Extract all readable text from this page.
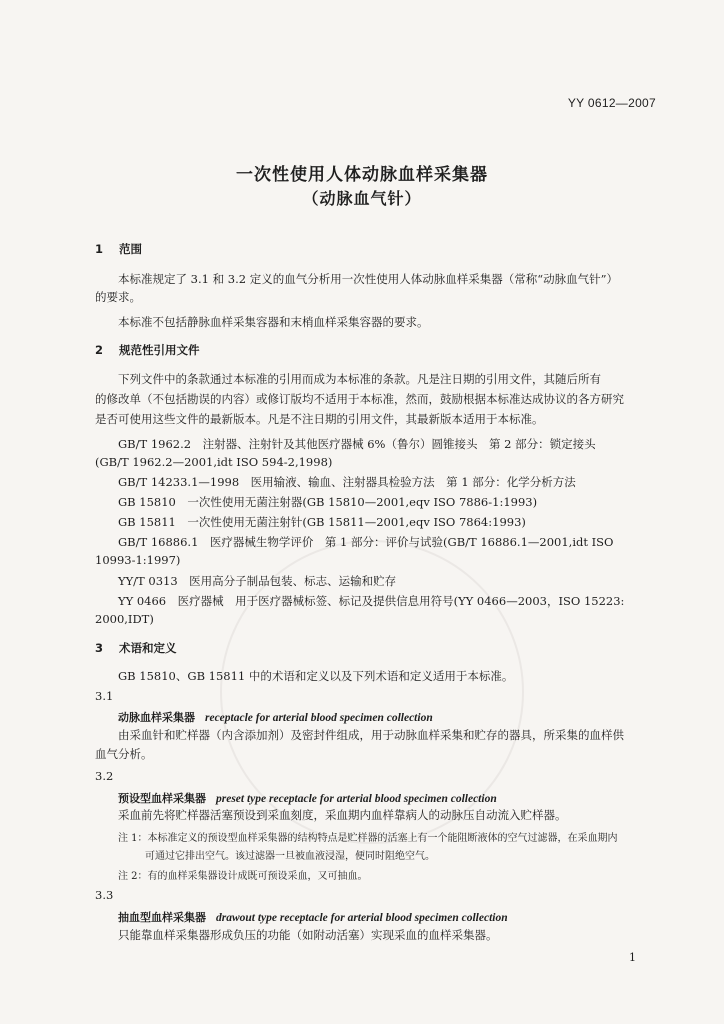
YY 0612—2007
一次性使用人体动脉血样采集器
（动脉血气针）
1 范围
本标准规定了 3.1 和 3.2 定义的血气分析用一次性使用人体动脉血样采集器（常称“动脉血气针”）
的要求。
本标准不包括静脉血样采集容器和末梢血样采集容器的要求。
2 规范性引用文件
下列文件中的条款通过本标准的引用而成为本标准的条款。凡是注日期的引用文件，其随后所有
的修改单（不包括勘误的内容）或修订版均不适用于本标准，然而，鼓励根据本标准达成协议的各方研究
是否可使用这些文件的最新版本。凡是不注日期的引用文件，其最新版本适用于本标准。
GB/T 1962.2　注射器、注射针及其他医疗器械 6%（鲁尔）圆锥接头　第 2 部分：锁定接头
(GB/T 1962.2—2001,idt ISO 594-2,1998)
GB/T 14233.1—1998　医用输液、输血、注射器具检验方法　第 1 部分：化学分析方法
GB 15810　一次性使用无菌注射器(GB 15810—2001,eqv ISO 7886-1:1993)
GB 15811　一次性使用无菌注射针(GB 15811—2001,eqv ISO 7864:1993)
GB/T 16886.1　医疗器械生物学评价　第 1 部分：评价与试验(GB/T 16886.1—2001,idt ISO
10993-1:1997)
YY/T 0313　医用高分子制品包装、标志、运输和贮存
YY 0466　医疗器械　用于医疗器械标签、标记及提供信息用符号(YY 0466—2003，ISO 15223:
2000,IDT)
3 术语和定义
GB 15810、GB 15811 中的术语和定义以及下列术语和定义适用于本标准。
3.1
动脉血样采集器 receptacle for arterial blood specimen collection
由采血针和贮样器（内含添加剂）及密封件组成，用于动脉血样采集和贮存的器具，所采集的血样供
血气分析。
3.2
预设型血样采集器 preset type receptacle for arterial blood specimen collection
采血前先将贮样器活塞预设到采血刻度，采血期内血样靠病人的动脉压自动流入贮样器。
注 1：本标准定义的预设型血样采集器的结构特点是贮样器的活塞上有一个能阻断液体的空气过滤器，在采血期内
可通过它排出空气。该过滤器一旦被血液浸湿，便同时阻绝空气。
注 2：有的血样采集器设计成既可预设采血，又可抽血。
3.3
抽血型血样采集器 drawout type receptacle for arterial blood specimen collection
只能靠血样采集器形成负压的功能（如附动活塞）实现采血的血样采集器。
1
